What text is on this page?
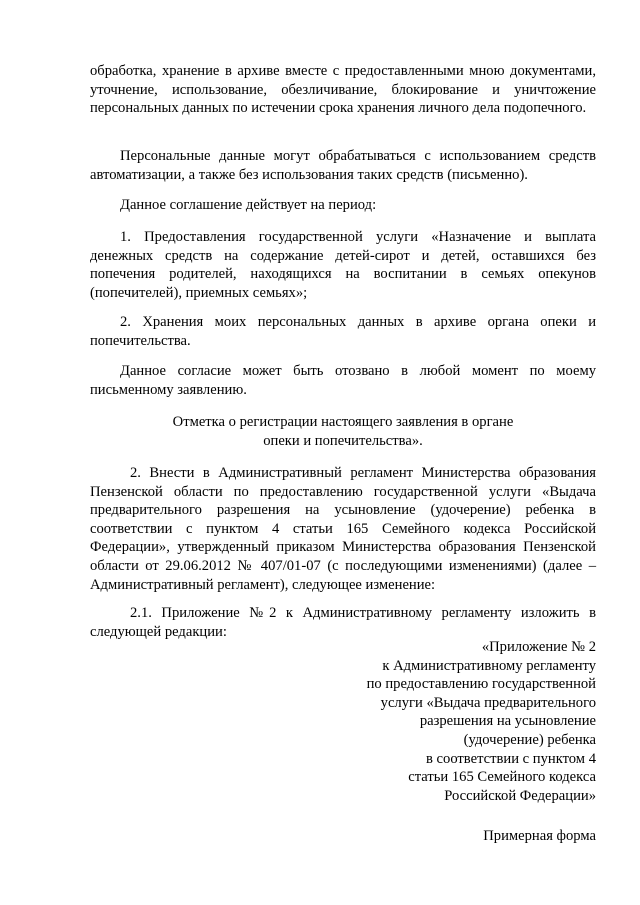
обработка, хранение в архиве вместе с предоставленными мною документами, уточнение, использование, обезличивание, блокирование и уничтожение персональных данных по истечении срока хранения личного дела подопечного.

Персональные данные могут обрабатываться с использованием средств автоматизации, а также без использования таких средств (письменно).

Данное соглашение действует на период:

1. Предоставления государственной услуги «Назначение и выплата денежных средств на содержание детей-сирот и детей, оставшихся без попечения родителей, находящихся на воспитании в семьях опекунов (попечителей), приемных семьях»;

2. Хранения моих персональных данных в архиве органа опеки и попечительства.

Данное согласие может быть отозвано в любой момент по моему письменному заявлению.

Отметка о регистрации настоящего заявления в органе
опеки и попечительства».

2. Внести в Административный регламент Министерства образования Пензенской области по предоставлению государственной услуги «Выдача предварительного разрешения на усыновление (удочерение) ребенка в соответствии с пунктом 4 статьи 165 Семейного кодекса Российской Федерации», утвержденный приказом Министерства образования Пензенской области от 29.06.2012 № 407/01-07 (с последующими изменениями) (далее – Административный регламент), следующее изменение:

2.1. Приложение №2 к Административному регламенту изложить в следующей редакции:

«Приложение № 2
к Административному регламенту
по предоставлению государственной
услуги «Выдача предварительного
разрешения на усыновление
(удочерение) ребенка
в соответствии с пунктом 4
статьи 165 Семейного кодекса
Российской Федерации»
Примерная форма
